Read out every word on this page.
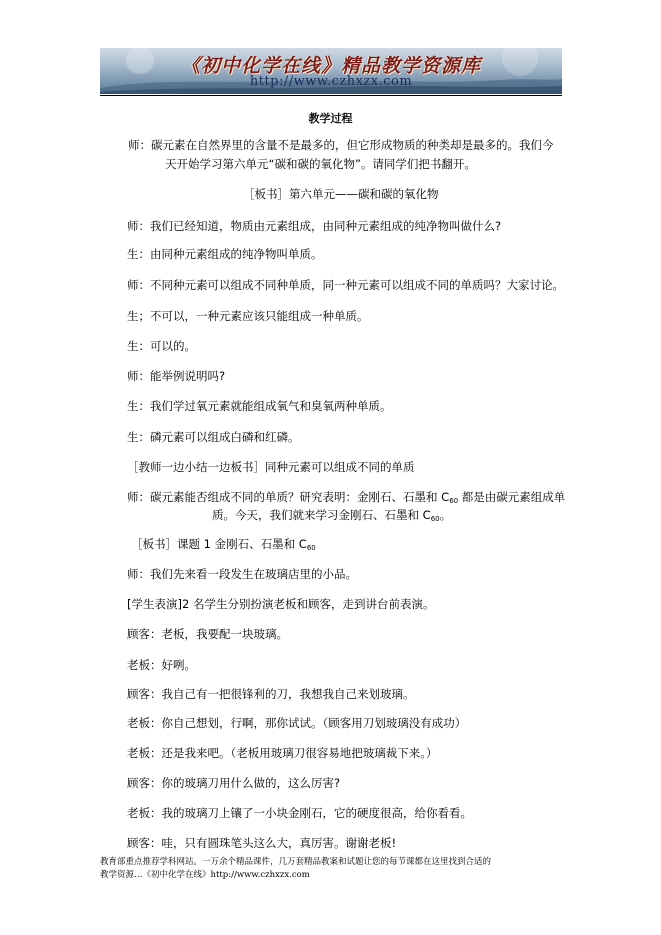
《初中化学在线》精品教学资源库
http://www.czhxzx.com
教学过程
师：碳元素在自然界里的含量不是最多的，但它形成物质的种类却是最多的。我们今
天开始学习第六单元“碳和碳的氧化物”。请同学们把书翻开。
［板书］第六单元——碳和碳的氧化物
师：我们已经知道，物质由元素组成，由同种元素组成的纯净物叫做什么?
生：由同种元素组成的纯净物叫单质。
师：不同种元素可以组成不同种单质，同一种元素可以组成不同的单质吗？大家讨论。
生；不可以，一种元素应该只能组成一种单质。
生：可以的。
师：能举例说明吗?
生：我们学过氧元素就能组成氧气和臭氧两种单质。
生：磷元素可以组成白磷和红磷。
［教师一边小结一边板书］同种元素可以组成不同的单质
师：碳元素能否组成不同的单质？研究表明：金刚石、石墨和 $C_{60}$ 都是由碳元素组成单
质。今天，我们就来学习金刚石、石墨和 $C_{60}$。
［板书］课题 1 金刚石、石墨和 $C_{60}$
师：我们先来看一段发生在玻璃店里的小品。
[学生表演]2 名学生分别扮演老板和顾客，走到讲台前表演。
顾客：老板，我要配一块玻璃。
老板：好咧。
顾客：我自己有一把很锋利的刀，我想我自己来划玻璃。
老板：你自己想划，行啊，那你试试。（顾客用刀划玻璃没有成功）
老板：还是我来吧。（老板用玻璃刀很容易地把玻璃裁下来。）
顾客：你的玻璃刀用什么做的，这么厉害?
老板：我的玻璃刀上镶了一小块金刚石，它的硬度很高，给你看看。
顾客：哇，只有圆珠笔头这么大，真厉害。谢谢老板!
教育部重点推荐学科网站。一万余个精品课件，几万套精品教案和试题让您的每节课都在这里找到合适的
教学资源…《初中化学在线》http://www.czhxzx.com
